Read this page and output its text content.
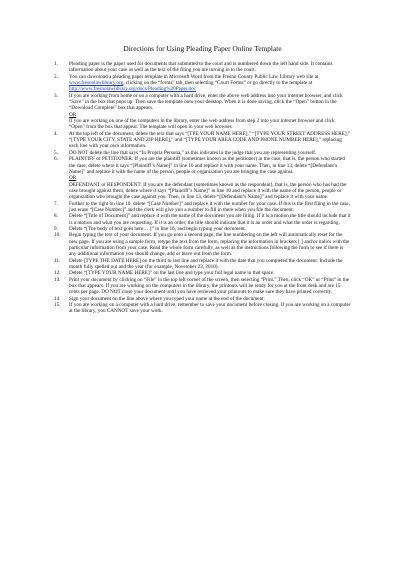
Directions for Using Pleading Paper Online Template
1.	Pleading paper is the paper used for documents that submitted to the court and is numbered down the left hand side. It contains information about your case as well as the text of the filing you are turning in to the court.
2.	You can download a pleading paper template in Microsoft Word from the Fresno County Public Law Library web site at www.fresnolawlibrary.org, clicking on the “forms” tab, then selecting “Court Forms” or go directly to the template at http://www.fresnolawlibrary.org/docs/Pleading%20Paper.doc
3.	If you are working from home or on a computer with a hard drive, enter the above web address into your internet browser, and click “Save” in the box that pops up. Then save the template onto your desktop. When it is done saving, click the “Open” button in the “Download Complete” box that appears.
OR
If you are working on one of the computers in the library, enter the web address from step 2 into your internet browser and click “Open” from the box that appear. The template will open in your web browser.
4.	At the top left of the document, delete the text that says “[TPE YOUR NAME HERE],” “[TYPE YOUR STREET ADDRESS HERE],” “[TYPE YOUR CITY, STATE AND ZIP HERE],” and “[TYPE YOUR AREA CODE AND PHONE NUMBER HERE],” replacing each line with your own information.
5.	DO NOT delete the line that says “In Propria Persona,” as this indicates to the judge that you are representing yourself.
6.	PLAINTIFF or PETITIONER: If you are the plaintiff (sometimes known as the petitioner) in the case, that is, the person who started the case, delete where it says “[Plaintiff’s Name]” in line 10 and replace it with your name. Then, in line 13, delete “[Defendant’s Name]” and replace it with the name of the person, people or organization you are bringing the case against.
OR
DEFENDANT or RESPONDENT: If you are the defendant (sometimes known as the respondent), that is, the person who has had the case brought against them, delete where it says “[Plaintiff’s Name]” in line 10 and replace it with the name of the person, people or organization who brought the case against you. Then, in line 13, delete “[Defendant’s Name]” and replace it with your name.
7.	Further to the right on line 10, delete “[Case Number]” and replace it with the number for your case. If this is the first filing in the case, just erase “[Case Number]” and the clerk will give you a number to fill in there when you file the document.
8.	Delete “[Title of Document]” and replace it with the name of the document you are filing. If it is a motion the title should include that it is a motion and what you are requesting. If it is an order, the title should indicate that it is an order and what the order is regarding.
9.	Delete “[The body of text goes here….]” in line 16, and begin typing your document.
10.	Begin typing the text of your document. If you go onto a second page, the line numbering on the left will automatically reset for the new page. If you are using a sample form, retype the text from the form, replacing the information in brackets [ ] and/or italics with the particular information from your case. Read the whole form carefully, as well as the instructions following the form to see if there is any additional information you should change, add or leave out from the form.
11.	Delete [TYPE THE DATE HERE] on the third to last line and replace it with the date that you completed the document. Include the month fully spelled out and the year (for example, November 23, 2010).
12.	Delete “[TYPE YOUR NAME HERE]” on the last line and type your full legal name in that space.
13.	Print your document by clicking on “File” in the top left corner of the screen, then selecting “Print.” Then, click “OK” or “Print” in the box that appears. If you are working on the computers in the library, the printouts will be ready for you at the front desk and are 15 cents per page. DO NOT close your document until you have retrieved your printouts to make sure they have printed correctly.
14.	Sign your document on the line above where you typed your name at the end of the document.
15.	If you are working on a computer with a hard drive, remember to save your document before closing. If you are working on a computer at the library, you CANNOT save your work.
